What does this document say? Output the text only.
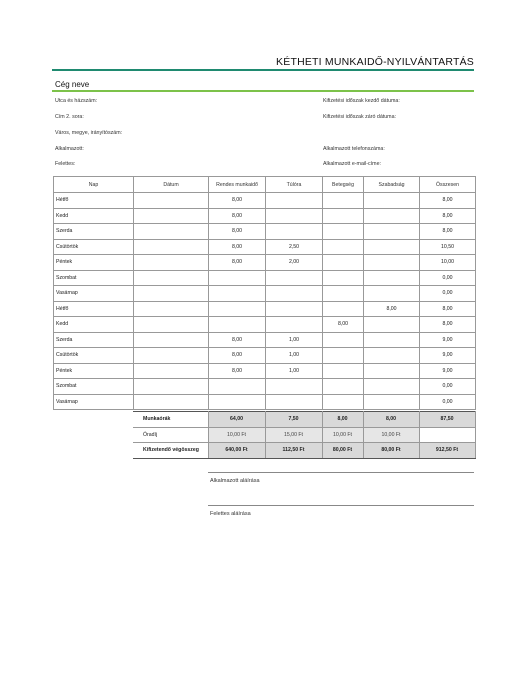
KÉTHETI MUNKAIDŐ-NYILVÁNTARTÁS
Cég neve
Utca és házszám:
Cím 2. sora:
Város, megye, irányítószám:
Alkalmazott:
Felettes:
Kifizetési időszak kezdő dátuma:
Kifizetési időszak záró dátuma:
Alkalmazott telefonszáma:
Alkalmazott e-mail-címe:
Nap	Dátum	Rendes munkaidő	Túlóra	Betegség	Szabadság	Összesen
Hétfő		8,00				8,00
Kedd		8,00				8,00
Szerda		8,00				8,00
Csütörtök		8,00	2,50			10,50
Péntek		8,00	2,00			10,00
Szombat						0,00
Vasárnap						0,00
Hétfő					8,00	8,00
Kedd				8,00		8,00
Szerda		8,00	1,00			9,00
Csütörtök		8,00	1,00			9,00
Péntek		8,00	1,00			9,00
Szombat						0,00
Vasárnap						0,00
Munkaórák	64,00	7,50	8,00	8,00	87,50
Óradíj	10,00 Ft	15,00 Ft	10,00 Ft	10,00 Ft	
Kifizetendő végösszeg	640,00 Ft	112,50 Ft	80,00 Ft	80,00 Ft	912,50 Ft
Alkalmazott aláírása
Felettes aláírása
